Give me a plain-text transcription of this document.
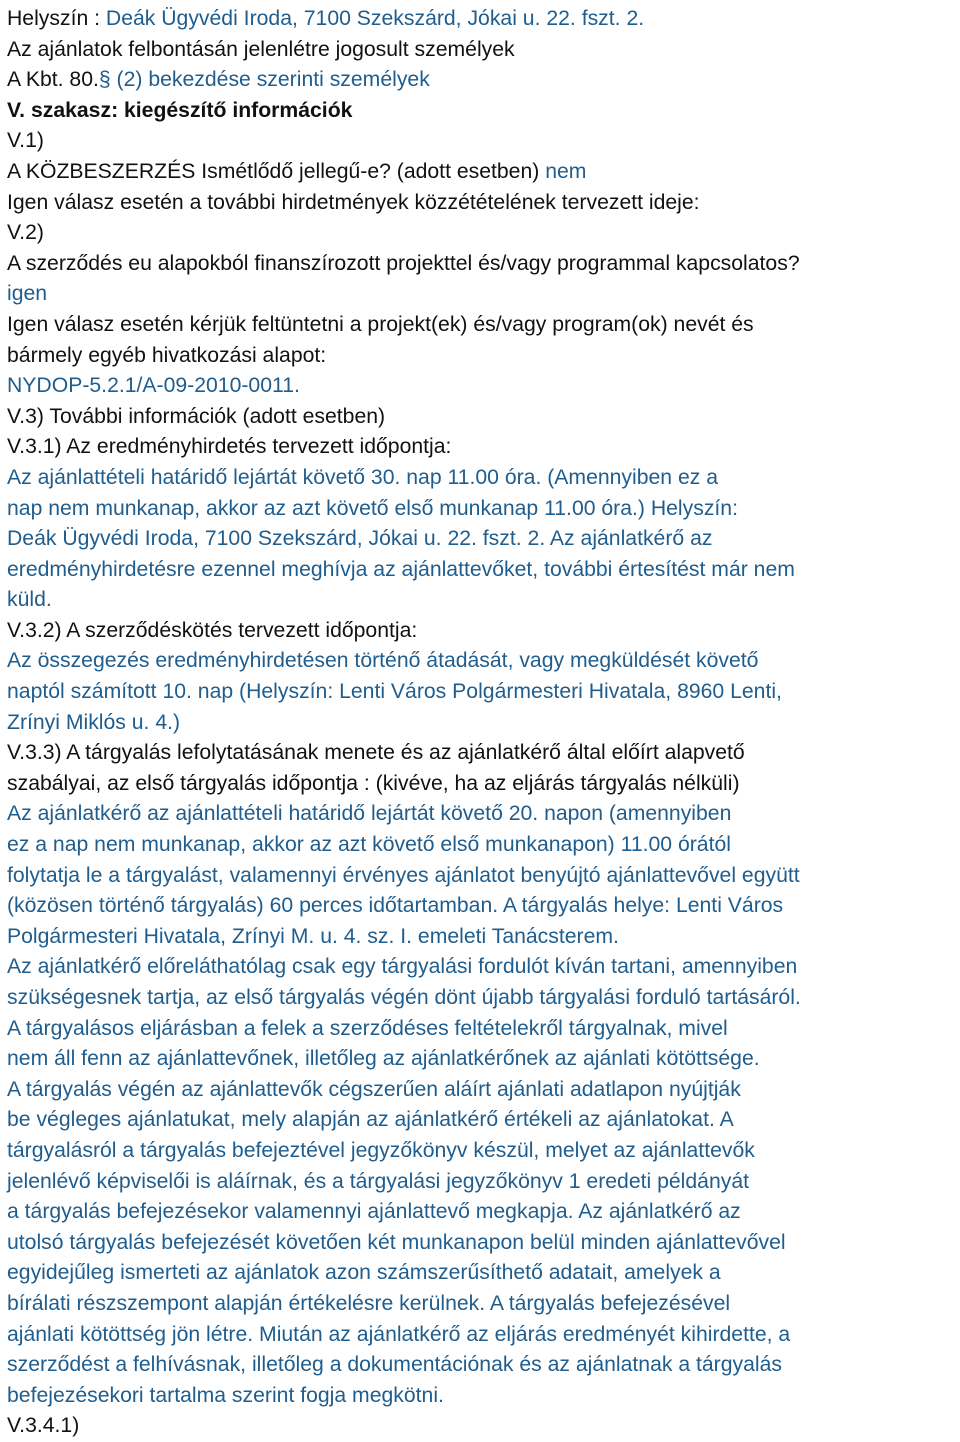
Helyszín : Deák Ügyvédi Iroda, 7100 Szekszárd, Jókai u. 22. fszt. 2.
Az ajánlatok felbontásán jelenlétre jogosult személyek
A Kbt. 80.§ (2) bekezdése szerinti személyek
V. szakasz: kiegészítő információk
V.1)
A KÖZBESZERZÉS Ismétlődő jellegű-e? (adott esetben) nem
Igen válasz esetén a további hirdetmények közzétételének tervezett ideje:
V.2)
A szerződés eu alapokból finanszírozott projekttel és/vagy programmal kapcsolatos?
igen
Igen válasz esetén kérjük feltüntetni a projekt(ek) és/vagy program(ok) nevét és
bármely egyéb hivatkozási alapot:
NYDOP-5.2.1/A-09-2010-0011.
V.3) További információk (adott esetben)
V.3.1) Az eredményhirdetés tervezett időpontja:
Az ajánlattételi határidő lejártát követő 30. nap 11.00 óra. (Amennyiben ez a
nap nem munkanap, akkor az azt követő első munkanap 11.00 óra.) Helyszín:
Deák Ügyvédi Iroda, 7100 Szekszárd, Jókai u. 22. fszt. 2. Az ajánlatkérő az
eredményhirdetésre ezennel meghívja az ajánlattevőket, további értesítést már nem
küld.
V.3.2) A szerződéskötés tervezett időpontja:
Az összegezés eredményhirdetésen történő átadását, vagy megküldését követő
naptól számított 10. nap (Helyszín: Lenti Város Polgármesteri Hivatala, 8960 Lenti,
Zrínyi Miklós u. 4.)
V.3.3) A tárgyalás lefolytatásának menete és az ajánlatkérő által előírt alapvető
szabályai, az első tárgyalás időpontja : (kivéve, ha az eljárás tárgyalás nélküli)
Az ajánlatkérő az ajánlattételi határidő lejártát követő 20. napon (amennyiben
ez a nap nem munkanap, akkor az azt követő első munkanapon) 11.00 órától
folytatja le a tárgyalást, valamennyi érvényes ajánlatot benyújtó ajánlattevővel együtt
(közösen történő tárgyalás) 60 perces időtartamban. A tárgyalás helye: Lenti Város
Polgármesteri Hivatala, Zrínyi M. u. 4. sz. I. emeleti Tanácsterem.
Az ajánlatkérő előreláthatólag csak egy tárgyalási fordulót kíván tartani, amennyiben
szükségesnek tartja, az első tárgyalás végén dönt újabb tárgyalási forduló tartásáról.
A tárgyalásos eljárásban a felek a szerződéses feltételekről tárgyalnak, mivel
nem áll fenn az ajánlattevőnek, illetőleg az ajánlatkérőnek az ajánlati kötöttsége.
A tárgyalás végén az ajánlattevők cégszerűen aláírt ajánlati adatlapon nyújtják
be végleges ajánlatukat, mely alapján az ajánlatkérő értékeli az ajánlatokat. A
tárgyalásról a tárgyalás befejeztével jegyzőkönyv készül, melyet az ajánlattevők
jelenlévő képviselői is aláírnak, és a tárgyalási jegyzőkönyv 1 eredeti példányát
a tárgyalás befejezésekor valamennyi ajánlattevő megkapja. Az ajánlatkérő az
utolsó tárgyalás befejezését követően két munkanapon belül minden ajánlattevővel
egyidejűleg ismerteti az ajánlatok azon számszerűsíthető adatait, amelyek a
bírálati részszempont alapján értékelésre kerülnek. A tárgyalás befejezésével
ajánlati kötöttség jön létre. Miután az ajánlatkérő az eljárás eredményét kihirdette, a
szerződést a felhívásnak, illetőleg a dokumentációnak és az ajánlatnak a tárgyalás
befejezésekori tartalma szerint fogja megkötni.
V.3.4.1)
